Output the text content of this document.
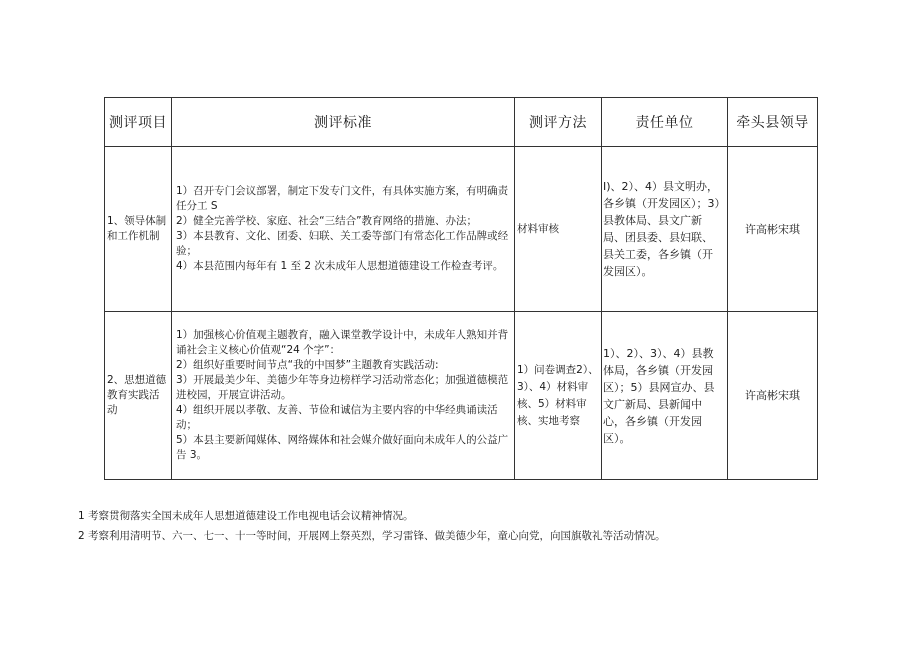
测评项目	测评标准	测评方法	责任单位	牵头县领导

1、领导体制和工作机制	1）召开专门会议部署，制定下发专门文件，有具体实施方案，有明确责任分工 S
2）健全完善学校、家庭、社会“三结合”教育网络的措施、办法；
3）本县教育、文化、团委、妇联、关工委等部门有常态化工作品牌或经验；
4）本县范围内每年有 1 至 2 次未成年人思想道德建设工作检查考评。	材料审核	I)、2）、4）县文明办，各乡镇（开发园区）；3）县教体局、县文广新局、团县委、县妇联、县关工委，各乡镇（开发园区）。	许高彬宋琪

2、思想道德教育实践活动	1）加强核心价值观主题教育，融入课堂教学设计中，未成年人熟知并背诵社会主义核心价值观“24 个字”：
2）组织好重要时间节点“我的中国梦”主题教育实践活动:
3）开展最美少年、美德少年等身边榜样学习活动常态化；加强道德模范进校园，开展宣讲活动。
4）组织开展以孝敬、友善、节俭和诚信为主要内容的中华经典诵读活动；
5）本县主要新闻媒体、网络媒体和社会媒介做好面向未成年人的公益广告 3。	1）问卷调查2）、3）、4）材料审核、5）材料审核、实地考察	1）、2）、3）、4）县教体局，各乡镇（开发园区）；5）县网宣办、县文广新局、县新闻中心，各乡镇（开发园区）。	许高彬宋琪
1 考察贯彻落实全国未成年人思想道德建设工作电视电话会议精神情况。
2 考察利用清明节、六一、七一、十一等时间，开展网上祭英烈，学习雷锋、做美德少年，童心向党，向国旗敬礼等活动情况。
